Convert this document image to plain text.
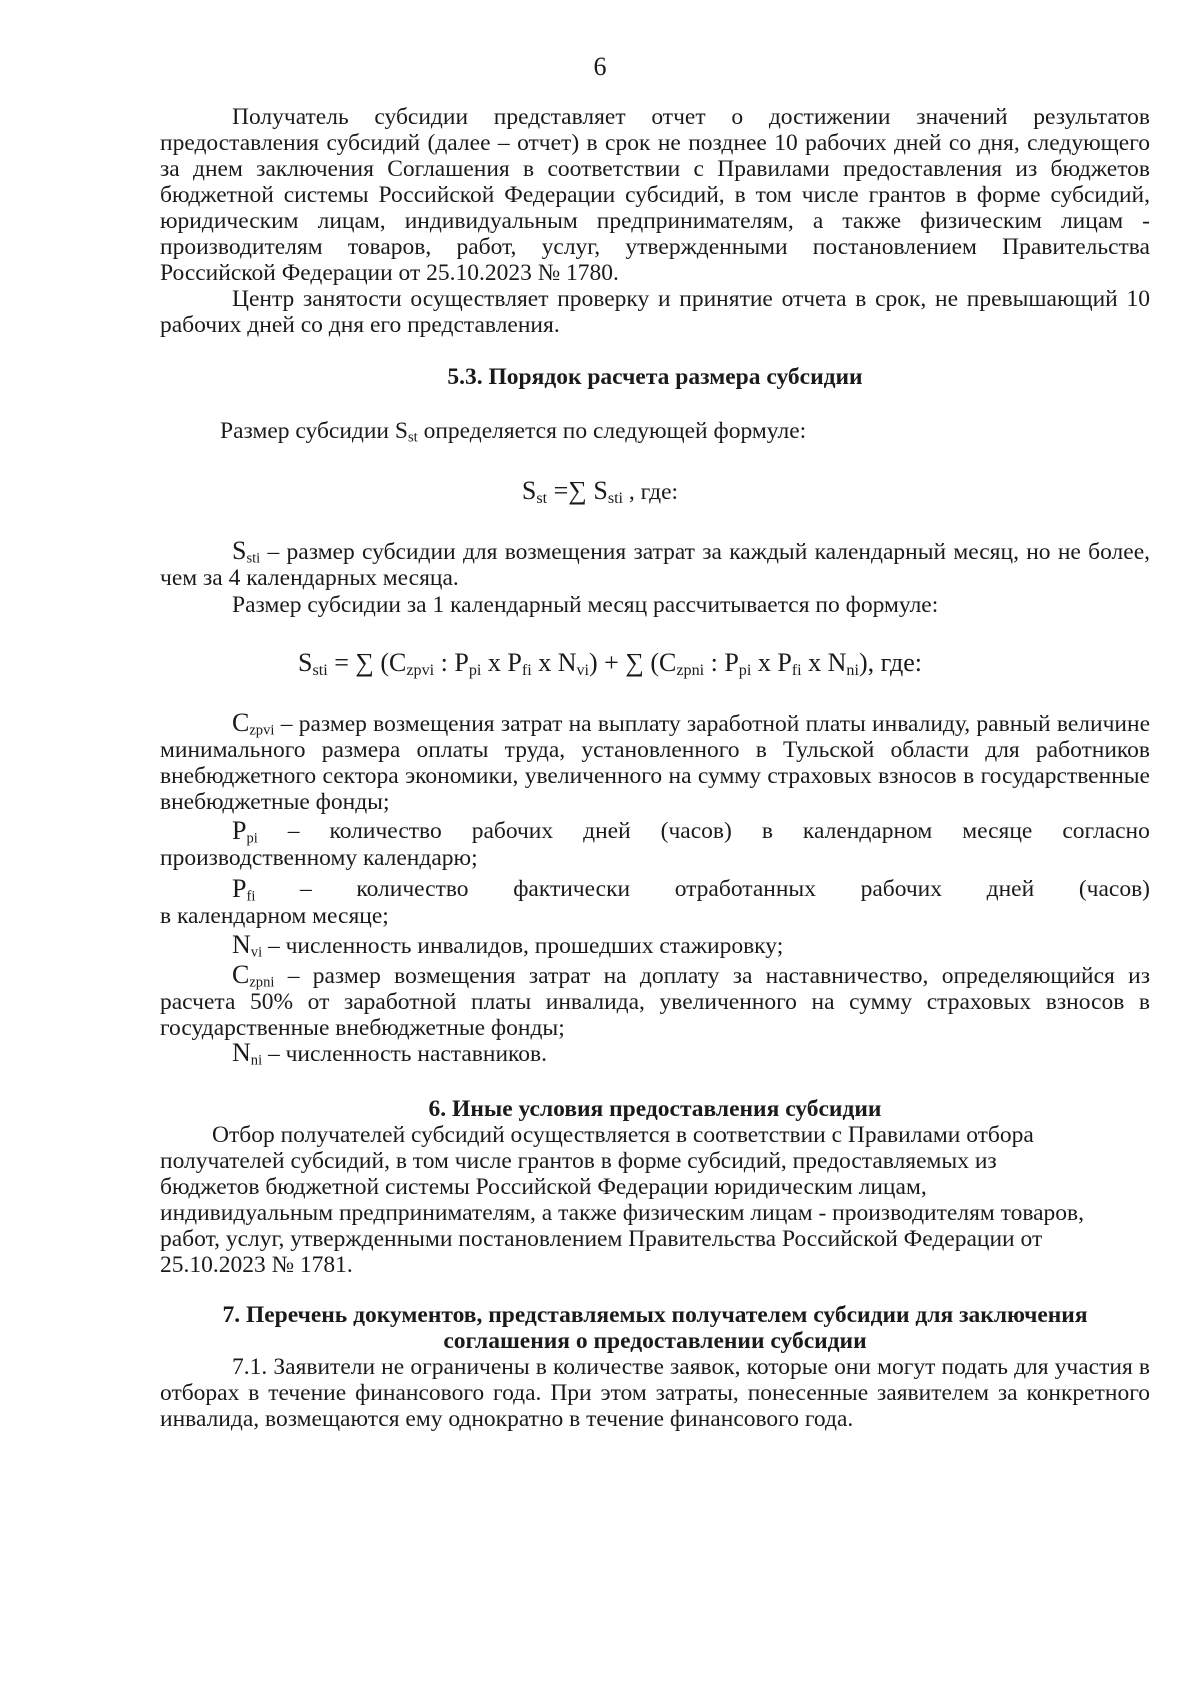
6

Получатель субсидии представляет отчет о достижении значений результатов предоставления субсидий (далее – отчет) в срок не позднее 10 рабочих дней со дня, следующего за днем заключения Соглашения в соответствии с Правилами предоставления из бюджетов бюджетной системы Российской Федерации субсидий, в том числе грантов в форме субсидий, юридическим лицам, индивидуальным предпринимателям, а также физическим лицам - производителям товаров, работ, услуг, утвержденными постановлением Правительства Российской Федерации от 25.10.2023 № 1780.

Центр занятости осуществляет проверку и принятие отчета в срок, не превышающий 10 рабочих дней со дня его представления.

5.3. Порядок расчета размера субсидии
Размер субсидии $S_{st}$ определяется по следующей формуле:
$S_{st}$ =∑ $S_{sti}$ , где:

$S_{sti}$ – размер субсидии для возмещения затрат за каждый календарный месяц, но не более, чем за 4 календарных месяца.

Размер субсидии за 1 календарный месяц рассчитывается по формуле:

$S_{sti}$ = ∑ ($C_{zpvi}$ : $P_{pi}$ x $P_{fi}$ x $N_{vi}$) + ∑ ($C_{zpni}$ : $P_{pi}$ x $P_{fi}$ x $N_{ni}$), где:

$C_{zpvi}$ – размер возмещения затрат на выплату заработной платы инвалиду, равный величине минимального размера оплаты труда, установленного в Тульской области для работников внебюджетного сектора экономики, увеличенного на сумму страховых взносов в государственные внебюджетные фонды;

$P_{pi}$ – количество рабочих дней (часов) в календарном месяце согласно
производственному календарю;
$P_{fi}$ – количество фактически отработанных рабочих дней (часов)
в календарном месяце;

$N_{vi}$ – численность инвалидов, прошедших стажировку;

$C_{zpni}$ – размер возмещения затрат на доплату за наставничество, определяющийся из расчета 50% от заработной платы инвалида, увеличенного на сумму страховых взносов в государственные внебюджетные фонды;

$N_{ni}$ – численность наставников.

6. Иные условия предоставления субсидии
Отбор получателей субсидий осуществляется в соответствии с Правилами отбора
получателей субсидий, в том числе грантов в форме субсидий, предоставляемых из
бюджетов бюджетной системы Российской Федерации юридическим лицам,
индивидуальным предпринимателям, а также физическим лицам - производителям товаров,
работ, услуг, утвержденными постановлением Правительства Российской Федерации от
25.10.2023 № 1781.
7. Перечень документов, представляемых получателем субсидии для заключения
соглашения о предоставлении субсидии

7.1. Заявители не ограничены в количестве заявок, которые они могут подать для участия в отборах в течение финансового года. При этом затраты, понесенные заявителем за конкретного инвалида, возмещаются ему однократно в течение финансового года.
